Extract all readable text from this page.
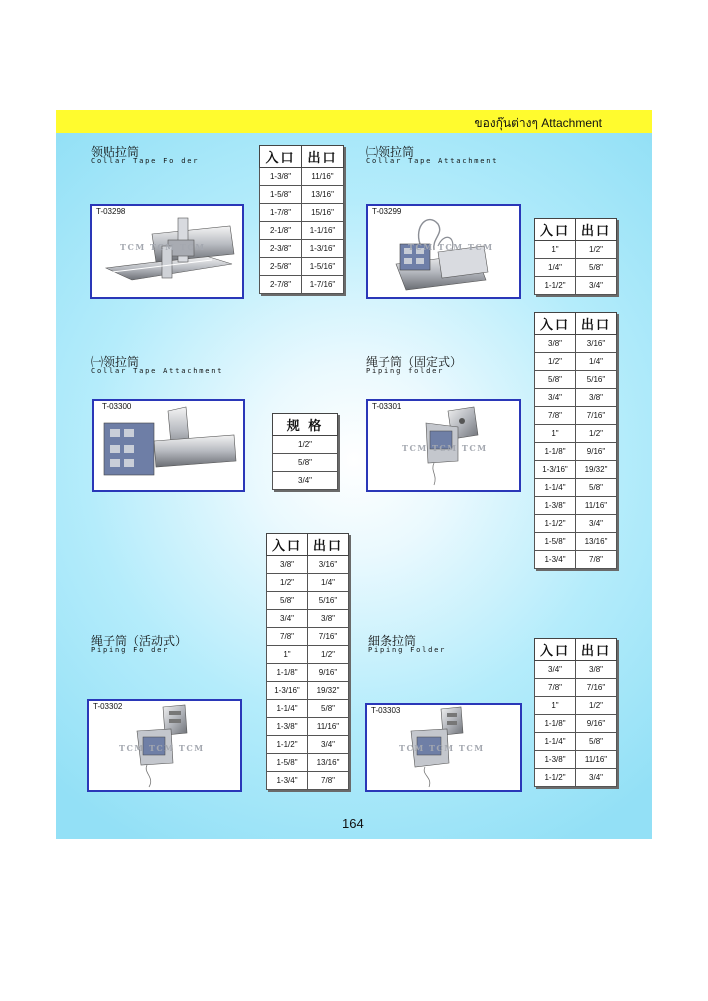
ของกุ๊นต่างๆ Attachment
领贴拉筒
Collar Tape Fo der
T-03298
TCM TCM TCM
入口	出口
1-3/8"	11/16"
1-5/8"	13/16"
1-7/8"	15/16"
2-1/8"	1-1/16"
2-3/8"	1-3/16"
2-5/8"	1-5/16"
2-7/8"	1-7/16"
㈡领拉筒
Collar Tape Attachment
T-03299
TCM TCM TCM
入口	出口
1"	1/2"
1/4"	5/8"
1-1/2"	3/4"
㈠领拉筒
Collar Tape Attachment
T-03300
规 格
1/2"
5/8"
3/4"
绳子筒（固定式）
Piping folder
T-03301
TCM TCM TCM
入口	出口
3/8"	3/16"
1/2"	1/4"
5/8"	5/16"
3/4"	3/8"
7/8"	7/16"
1"	1/2"
1-1/8"	9/16"
1-3/16"	19/32"
1-1/4"	5/8"
1-3/8"	11/16"
1-1/2"	3/4"
1-5/8"	13/16"
1-3/4"	7/8"
绳子筒（活动式）
Piping Fo der
T-03302
TCM TCM TCM
入口	出口
3/8"	3/16"
1/2"	1/4"
5/8"	5/16"
3/4"	3/8"
7/8"	7/16"
1"	1/2"
1-1/8"	9/16"
1-3/16"	19/32"
1-1/4"	5/8"
1-3/8"	11/16"
1-1/2"	3/4"
1-5/8"	13/16"
1-3/4"	7/8"
細条拉筒
Piping Folder
T-03303
TCM TCM TCM
入口	出口
3/4"	3/8"
7/8"	7/16"
1"	1/2"
1-1/8"	9/16"
1-1/4"	5/8"
1-3/8"	11/16"
1-1/2"	3/4"
164
